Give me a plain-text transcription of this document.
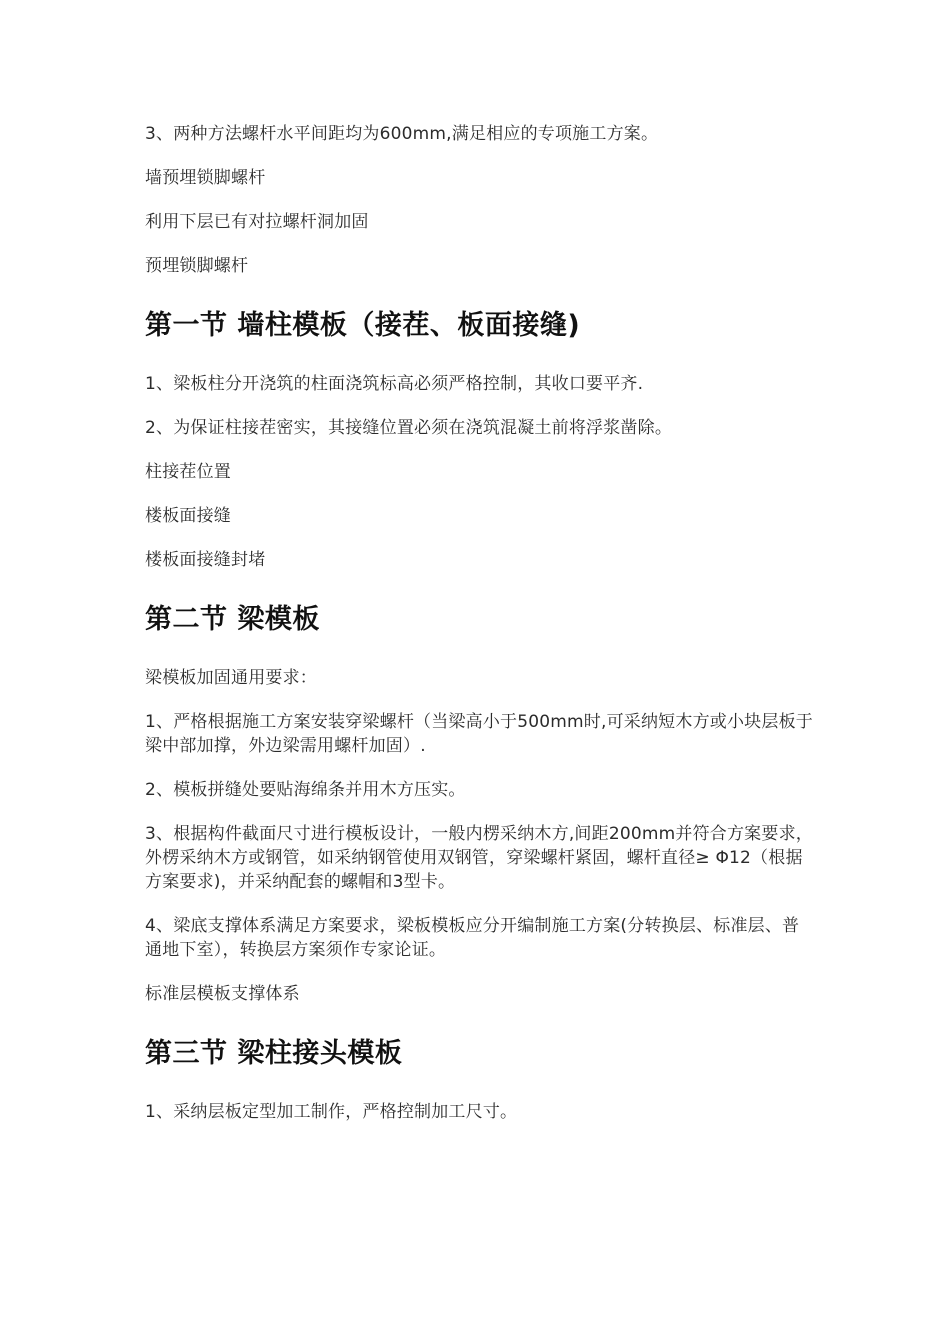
3、两种方法螺杆水平间距均为600mm,满足相应的专项施工方案。

墙预埋锁脚螺杆

利用下层已有对拉螺杆洞加固

预埋锁脚螺杆

第一节 墙柱模板（接茬、板面接缝)

1、梁板柱分开浇筑的柱面浇筑标高必须严格控制，其收口要平齐.

2、为保证柱接茬密实，其接缝位置必须在浇筑混凝土前将浮浆凿除。

柱接茬位置

楼板面接缝

楼板面接缝封堵

第二节 梁模板

梁模板加固通用要求：

1、严格根据施工方案安装穿梁螺杆（当梁高小于500mm时,可采纳短木方或小块层板于梁中部加撑，外边梁需用螺杆加固）.

2、模板拼缝处要贴海绵条并用木方压实。

3、根据构件截面尺寸进行模板设计，一般内楞采纳木方,间距200mm并符合方案要求，外楞采纳木方或钢管，如采纳钢管使用双钢管，穿梁螺杆紧固，螺杆直径≥ Φ12（根据方案要求)，并采纳配套的螺帽和3型卡。

4、梁底支撑体系满足方案要求，梁板模板应分开编制施工方案(分转换层、标准层、普通地下室），转换层方案须作专家论证。

标准层模板支撑体系

第三节 梁柱接头模板

1、采纳层板定型加工制作，严格控制加工尺寸。
